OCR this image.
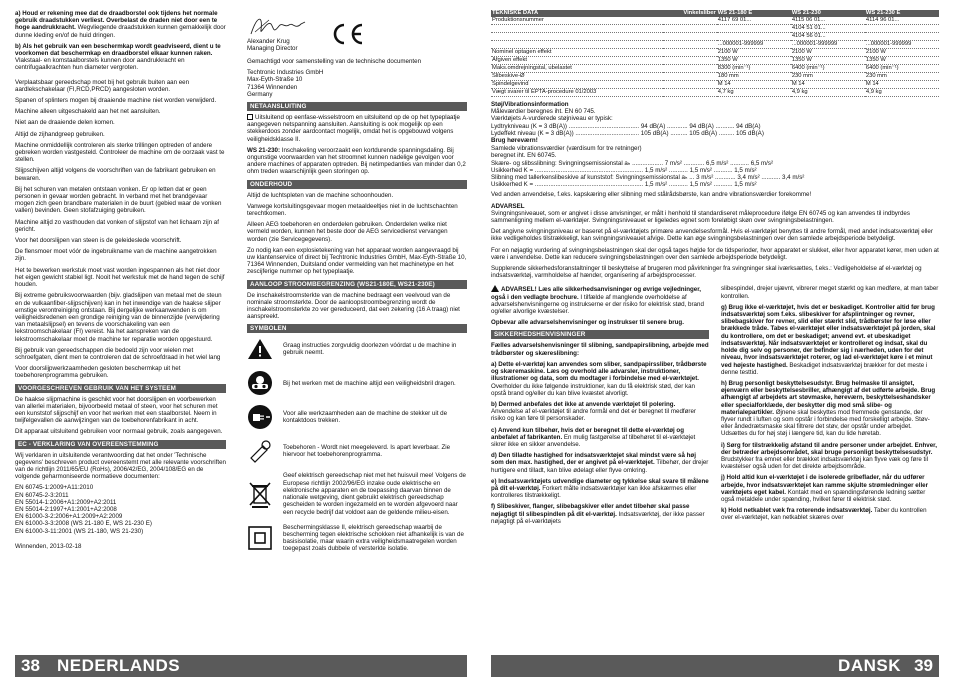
a) Houd er rekening mee dat de draadborstel ook tijdens het normale gebruik draadstukken verliest. Overbelast de draden niet door een te hoge aandrukkracht. Wegvliegende draadstukken kunnen gemakkelijk door dunne kleding en/of de huid dringen.

b) Als het gebruik van een beschermkap wordt geadviseerd, dient u te voorkomen dat beschermkap en draadborstel elkaar kunnen raken. Vlakstaal- en komstaalborstels kunnen door aandrukkracht en centrifugaalkrachten hun diameter vergroten.

Verplaatsbaar gereedschap moet bij het gebruik buiten aan een aardlekschakelaar (FI,RCD,PRCD) aangesloten worden.

Spanen of splinters mogen bij draaiende machine niet worden verwijderd.

Machine alleen uitgeschakeld aan het net aansluiten.

Niet aan de draaiende delen komen.

Altijd de zijhandgreep gebruiken.

Machine onmiddellijk controleren als sterke trillingen optreden of andere gebreken worden vastgesteld. Controleer de machine om de oorzaak vast te stellen.

Slijpschijven altijd volgens de voorschriften van de fabrikant gebruiken en bewaren.

Bij het schuren van metalen ontstaan vonken. Er op letten dat er geen personen in gevaar worden gebracht. In verband met het brandgevaar mogen zich geen brandbare materialen in de buurt (gebied waar de vonken vallen) bevinden. Geen stofafzuiging gebruiken.

Machine altijd zo vasthouden dat vonken of slijpstof van het lichaam zijn af gericht.

Voor het doorslijpen van steen is de geleideslede voorschrift.

De flensmoer moet vóór de ingebruikname van de machine aangetrokken zijn.

Het te bewerken werkstuk moet vast worden ingespannen als het niet door het eigen gewicht stabiel ligt. Nooit het werkstuk met de hand tegen de schijf houden.

Bij extreme gebruiksvoorwaarden (bijv. gladslijpen van metaal met de steun en de vulkaanfiber-slijpschijven) kan in het inwendige van de haakse slijper ernstige verontreiniging ontstaan. Bij dergelijke werkaanwenden is om veiligheidsredenen een grondige reiniging van de binnenzijde (verwijdering van metaalslijpsel) en tevens de voorschakeling van een lekstroomschakelaar (FI) vereist. Na het aanspreken van de lekstroomschakelaar moet de machine ter reparatie worden opgestuurd.

Bij gebruik van gereedschappen die bedoeld zijn voor wielen met schroefgaten, dient men te controleren dat de schroefdraad in het wiel lang

Voor doorslijpwerkzaamheden gesloten beschermkap uit het toebehorenprogramma gebruiken.

VOORGESCHREVEN GEBRUIK VAN HET SYSTEEM

De haakse slijpmachine is geschikt voor het doorslijpen en voorbewerken van allerlei materialen, bijvoorbeeld metaal of steen, voor het schuren met een kunststof slijpschijf en voor het werken met een staalborstel. Neem in twijfelgevallen de aanwijzingen van de toebehorenfabrikant in acht.

Dit apparaat uitsluitend gebruiken voor normaal gebruik, zoals aangegeven.

EC - VERKLARING VAN OVEREENSTEMMING

Wij verklaren in uitsluitende verantwoording dat het onder 'Technische gegevens' beschreven product overeenstemt met alle relevante voorschriften van de richtlijn 2011/65/EU (RoHs), 2006/42/EG, 2004/108/EG en de volgende geharmoniseerde normatieve documenten:

EN 60745-1:2009+A11:2010
EN 60745-2-3:2011
EN 55014-1:2006+A1:2009+A2:2011
EN 55014-2:1997+A1:2001+A2:2008
EN 61000-3-2:2006+A1:2009+A2:2009
EN 61000-3-3:2008 (WS 21-180 E, WS 21-230 E)
EN 61000-3-11:2001 (WS 21-180, WS 21-230)

Winnenden, 2013-02-18

Alexander Krug
Managing Director

Gemachtigd voor samenstelling van de technische documenten

Techtronic Industries GmbH
Max-Eyth-Straße 10
71364 Winnenden
Germany
NETAANSLUITING

Uitsluitend op eenfase-wisselstroom en uitsluitend op de op het typeplaatje aangegeven netspanning aansluiten. Aansluiting is ook mogelijk op een stekkerdoos zonder aardcontact mogelijk, omdat het is opgebouwd volgens veiligheidsklasse II.

WS 21-230: Inschakeling veroorzaakt een kortdurende spanningsdaling. Bij ongunstige voorwaarden van het stroomnet kunnen nadelige gevolgen voor andere machines of apparaten optreden. Bij netimpedanties van minder dan 0,2 ohm treden waarschijnlijk geen storingen op.

ONDERHOUD

Altijd de luchtspleten van de machine schoonhouden.

Vanwege kortsluitingsgevaar mogen metaaldeeltjes niet in de luchtschachten terechtkomen.

Alleen AEG toebehoren en onderdelen gebruiken. Onderdelen welke niet vermeld worden, kunnen het beste door de AEG servicedienst vervangen worden (zie Servicegegevens).

Zo nodig kan een explosietekening van het apparaat worden aangevraagd bij uw klantenservice of direct bij Techtronic Industries GmbH, Max-Eyth-Straße 10, 71364 Winnenden, Duitsland onder vermelding van het machinetype en het zescijferige nummer op het typeplaatje.

AANLOOP STROOMBEGRENZING (WS21-180E, WS21-230E)

De inschakelstroomsterkte van de machine bedraagt een veelvoud van de nominale stroomsterkte. Door de aanloopstroombegrenzing wordt de inschakelstroomsterkte zo ver gereduceerd, dat een zekering (16 A traag) niet aanspreekt.

SYMBOLEN
Graag instructies zorgvuldig doorlezen vóórdat u de machine in gebruik neemt.
Bij het werken met de machine altijd een veiligheidsbril dragen.
Voor alle werkzaamheden aan de machine de stekker uit de kontaktdoos trekken.
Toebehoren - Wordt niet meegeleverd. Is apart leverbaar. Zie hiervoor het toebehorenprogramma.
Geef elektrisch gereedschap niet met het huisvuil mee! Volgens de Europese richtlijn 2002/96/EG inzake oude elektrische en elektronische apparaten en de toepassing daarvan binnen de nationale wetgeving, dient gebruikt elektrisch gereedschap gescheiden te worden ingezameld en te worden afgevoerd naar een recycle bedrijf dat voldoet aan de geldende milieu-eisen.
Beschermingsklasse II, elektrisch gereedschap waarbij de bescherming tegen elektrische schokken niet afhankelijk is van de basisisolatie, maar waarin extra veiligheidsmaatregelen worden toegepast zoals dubbele of versterkte isolatie.
TEKNISKE DATA	Vinkelsliber	WS 21-180 E	WS 21-230	WS 21-230 E
Produktionsnummer		4117 69 01...	4115 06 01...	4114 96 01...
			4104 51 01...	
			4104 56 01...	
		...000001-999999	...000001-999999	...000001-999999
Nominel optagen effekt		2100 W	2100 W	2100 W
Afgiven effekt		1350 W	1350 W	1350 W
Maks.omdrejningstal, ubelastet		8300 (min⁻¹)	6400 (min⁻¹)	6400 (min⁻¹)
Slibeskive-Ø		180 mm	230 mm	230 mm
Spindelgevind		M 14	M 14	M 14
Vægt svarer til EPTA-procedure 01/2003		4,7 kg	4,9 kg	4,9 kg

Støj/Vibrationsinformation

Måleværdier beregnes iht. EN 60 745.
Værktøjets A-vurderede støjniveau er typisk:
Lydtrykniveau (K = 3 dB(A)) ......................................... 94 dB(A) ............ 94 dB(A) ........... 94 dB(A)
Lydeffekt niveau (K = 3 dB(A)) ..................................... 105 dB(A) .......... 105 dB(A) ......... 105 dB(A)

Brug høreværn!

Samlede vibrationsværdier (værdisum for tre retninger)
beregnet iht. EN 60745.
Skære- og slibsslibning: Svingningsemissionstal aₕ .................. 7 m/s² ............ 6,5 m/s² ........... 6,5 m/s²
Usikkerhed K = ............................................................... 1,5 m/s² ........... 1,5 m/s² ........... 1,5 m/s²
Slibning med tallerkenslibeskive af kunststof: Svingningsemissionstal aₕ ... 3 m/s² ............ 3,4 m/s² ........... 3,4 m/s²
Usikkerhed K = ............................................................... 1,5 m/s² ........... 1,5 m/s² ........... 1,5 m/s²

Ved anden anvendelse, f.eks. kapskæring eller slibning med stålrådsbørste, kan andre vibrationsværdier forekomme!

ADVARSEL

Svingningsniveauet, som er angivet i disse anvisninger, er målt i henhold til standardiseret måleprocedure ifølge EN 60745 og kan anvendes til indbyrdes sammenligning mellem el-værktøjer. Svingningsniveauet er ligeledes egnet som foreløbigt skøn over svingningsbelastningen.

Det angivne svingningsniveau er baseret på el-værktøjets primære anvendelsesformål. Hvis el-værktøjet benyttes til andre formål, med andet indsatsværktøj eller ikke vedligeholdes tilstrækkeligt, kan svingningsniveauet afvige. Dette kan øge svingningsbelastningen over den samlede arbejdsperiode betydeligt.

For en nøjagtig vurdering af svingningsbelastningen skal der også tages højde for de tidsperioder, hvor apparatet er slukket, eller hvor apparatet kører, men uden at være i anvendelse. Dette kan reducere svingningsbelastningen over den samlede arbejdsperiode betydeligt.

Supplerende sikkerhedsforanstaltninger til beskyttelse af brugeren mod påvirkninger fra svingninger skal iværksættes, f.eks.: Vedligeholdelse af el-værktøj og indsatsværktøj, varmholdelse af hænder, organisering af arbejdsprocesser.

ADVARSEL! Læs alle sikkerhedsanvisninger og øvrige vejledninger, også i den vedlagte brochure. I tilfælde af manglende overholdelse af advarselshenvisningerne og instrukserne er der risiko for elektrisk stød, brand og/eller alvorlige kvæstelser.

Opbevar alle advarselshenvisninger og instrukser til senere brug.

SIKKERHEDSHENVISNINGER

Fælles advarselshenvisninger til slibning, sandpapirslibning, arbejde med trådbørster og skæreslibning:

a) Dette el-værktøj kan anvendes som sliber, sandpapirssliber, trådbørste og skæremaskine. Læs og overhold alle advarsler, instruktioner, illustrationer og data, som du modtager i forbindelse med el-værktøjet. Overholder du ikke følgende instruktioner, kan du få elektrisk stød, der kan opstå brand og/eller du kan blive kvæstet alvorligt.

b) Dermed anbefales det ikke at anvende værktøjet til polering. Anvendelse af el-værktøjet til andre formål end det er beregnet til medfører risiko og kan føre til personskader.

c) Anvend kun tilbehør, hvis det er beregnet til dette el-værktøj og anbefalet af fabrikanten. En mulig fastgørelse af tilbehøret til el-værktøjet sikrer ikke en sikker anvendelse.

d) Den tilladte hastighed for indsatsværktøjet skal mindst være så høj som den max. hastighed, der er angivet på el-værktøjet. Tilbehør, der drejer hurtigere end tilladt, kan blive ødelagt eller flyve omkring.

e) Indsatsværktøjets udvendige diameter og tykkelse skal svare til målene på dit el-værktøj. Forkert målte indsatsværktøjer kan ikke afskærmes eller kontrolleres tilstrækkeligt.

f) Slibeskiver, flanger, slibebagskiver eller andet tilbehør skal passe nøjagtigt til slibespindlen på dit el-værktøj. Indsatsværktøj, der ikke passer nøjagtigt på el-værktøjets

slibespindel, drejer ujævnt, vibrerer meget stærkt og kan medføre, at man taber kontrollen.

g) Brug ikke el-værktøjet, hvis det er beskadiget. Kontroller altid før brug indsatsværktøj som f.eks. slibeskiver for afsplintninger og revner, slibebagskiver for revner, slid eller stærkt slid, trådbørster for løse eller brækkede tråde. Tabes el-værktøjet eller indsatsværktøjet på jorden, skal du kontrollere, om det er beskadiget; anvend evt. et ubeskadiget indsatsværktøj. Når indsatsværktøjet er kontrolleret og indsat, skal du holde dig selv og personer, der befinder sig i nærheden, uden for det niveau, hvor indsatsværktøjet roterer, og lad el-værktøjet køre i et minut ved højeste hastighed. Beskadiget indsatsværktøj brækker for det meste i denne testtid.

h) Brug personligt beskyttelsesudstyr. Brug helmaske til ansigtet, øjenværn eller beskyttelsesbriller, afhængigt af det udførte arbejde. Brug afhængigt af arbejdets art støvmaske, høreværn, beskyttelseshandsker eller specialforklæde, der beskytter dig mod små slibe- og materialepartikler. Øjnene skal beskyttes mod fremmede genstande, der flyver rundt i luften og som opstår i forbindelse med forskelligt arbejde. Støv- eller åndedrætsmaske skal filtrere det støv, der opstår under arbejdet. Udsættes du for høj støj i længere tid, kan du lide høretab.

i) Sørg for tilstrækkelig afstand til andre personer under arbejdet. Enhver, der betræder arbejdsområdet, skal bruge personligt beskyttelsesudstyr. Brudstykker fra emnet eller brækket indsatsværktøj kan flyve væk og føre til kvæstelser også uden for det direkte arbejdsområde.

j) Hold altid kun el-værktøjet i de isolerede gribeflader, når du udfører arbejde, hvor indsatsværktøjet kan ramme skjulte strømledninger eller værktøjets eget kabel. Kontakt med en spændingsførende ledning sætter også metaldele under spænding, hvilket fører til elektrisk stød.

k) Hold netkablet væk fra roterende indsatsværktøj. Taber du kontrollen over el-værktøjet, kan netkablet skæres over

38 NEDERLANDS	DANSK 39
